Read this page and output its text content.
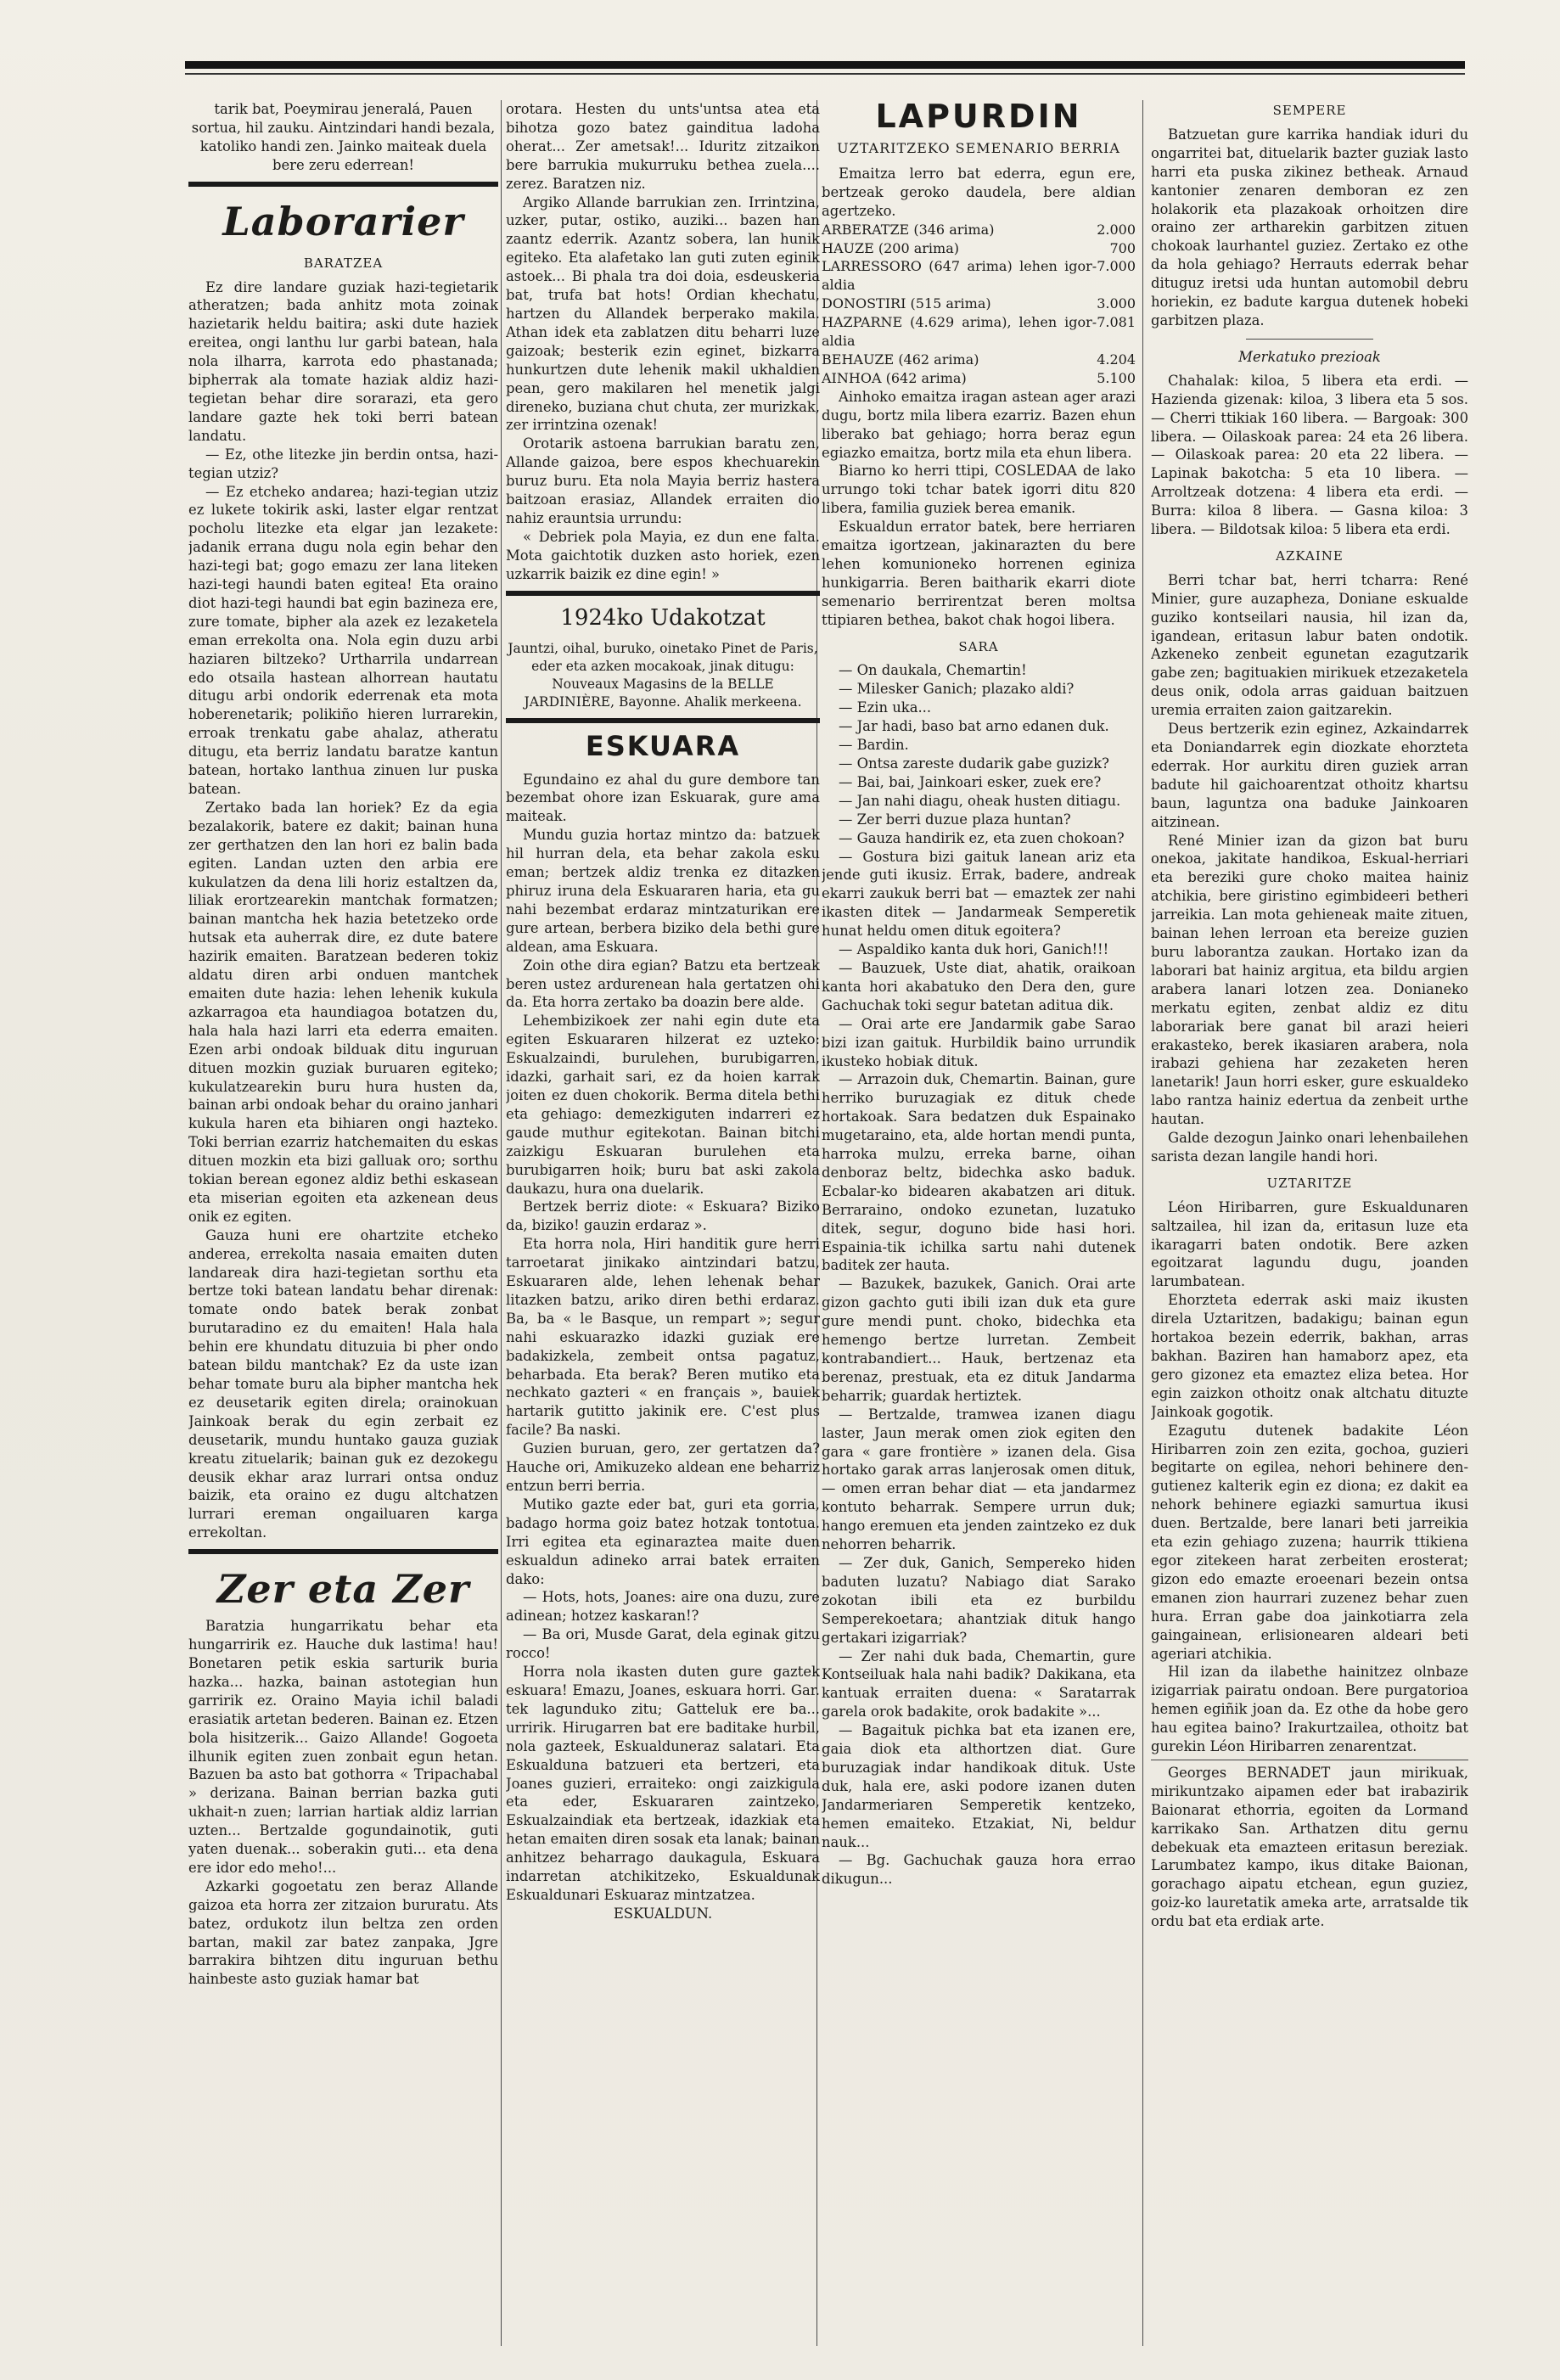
tarik bat, Poeymirau jeneralá, Pauen sortua, hil zauku. Aintzindari handi bezala, katoliko handi zen. Jainko maiteak duela bere zeru ederrean!

Laborarier
BARATZEA

Ez dire landare guziak hazi-tegietarik atheratzen; bada anhitz mota zoinak hazietarik heldu baitira; aski dute haziek ereitea, ongi lanthu lur garbi batean, hala nola ilharra, karrota edo phastanada; bipherrak ala tomate haziak aldiz hazi-tegietan behar dire sorarazi, eta gero landare gazte hek toki berri batean landatu.

— Ez, othe litezke jin berdin ontsa, hazi-tegian utziz?

— Ez etcheko andarea; hazi-tegian utziz ez lukete tokirik aski, laster elgar rentzat pocholu litezke eta elgar jan lezakete: jadanik errana dugu nola egin behar den hazi-tegi bat; gogo emazu zer lana liteken hazi-tegi haundi baten egitea! Eta oraino diot hazi-tegi haundi bat egin bazineza ere, zure tomate, bipher ala azek ez lezaketela eman errekolta ona. Nola egin duzu arbi haziaren biltzeko? Urtharrila undarrean edo otsaila hastean alhorrean hautatu ditugu arbi ondorik ederrenak eta mota hoberenetarik; polikiño hieren lurrarekin, erroak trenkatu gabe ahalaz, atheratu ditugu, eta berriz landatu baratze kantun batean, hortako lanthua zinuen lur puska batean.

Zertako bada lan horiek? Ez da egia bezalakorik, batere ez dakit; bainan huna zer gerthatzen den lan hori ez balin bada egiten. Landan uzten den arbia ere kukulatzen da dena lili horiz estaltzen da, liliak erortzearekin mantchak formatzen; bainan mantcha hek hazia betetzeko orde hutsak eta auherrak dire, ez dute batere hazirik emaiten. Baratzean bederen tokiz aldatu diren arbi onduen mantchek emaiten dute hazia: lehen lehenik kukula azkarragoa eta haundiagoa botatzen du, hala hala hazi larri eta ederra emaiten. Ezen arbi ondoak bilduak ditu inguruan dituen mozkin guziak buruaren egiteko; kukulatzearekin buru hura husten da, bainan arbi ondoak behar du oraino janhari kukula haren eta bihiaren ongi hazteko. Toki berrian ezarriz hatchemaiten du eskas dituen mozkin eta bizi galluak oro; sorthu tokian berean egonez aldiz bethi eskasean eta miserian egoiten eta azkenean deus onik ez egiten.

Gauza huni ere ohartzite etcheko anderea, errekolta nasaia emaiten duten landareak dira hazi-tegietan sorthu eta bertze toki batean landatu behar direnak: tomate ondo batek berak zonbat burutaradino ez du emaiten! Hala hala behin ere khundatu dituzuia bi pher ondo batean bildu mantchak? Ez da uste izan behar tomate buru ala bipher mantcha hek ez deusetarik egiten direla; orainokuan Jainkoak berak du egin zerbait ez deusetarik, mundu huntako gauza guziak kreatu zituelarik; bainan guk ez dezokegu deusik ekhar araz lurrari ontsa onduz baizik, eta oraino ez dugu altchatzen lurrari ereman ongailuaren karga errekoltan.

Zer eta Zer

Baratzia hungarrikatu behar eta hungarririk ez. Hauche duk lastima! hau! Bonetaren petik eskia sarturik buria hazka... hazka, bainan astotegian hun garririk ez. Oraino Mayia ichil baladi erasiatik artetan bederen. Bainan ez. Etzen bola hisitzerik... Gaizo Allande! Gogoeta ilhunik egiten zuen zonbait egun hetan. Bazuen ba asto bat gothorra « Tripachabal » derizana. Bainan berrian bazka guti ukhait-n zuen; larrian hartiak aldiz larrian uzten... Bertzalde gogundainotik, guti yaten duenak... soberakin guti... eta dena ere idor edo meho!...

Azkarki gogoetatu zen beraz Allande gaizoa eta horra zer zitzaion bururatu. Ats batez, ordukotz ilun beltza zen orden bartan, makil zar batez zanpaka, Jgre barrakira bihtzen ditu inguruan bethu hainbeste asto guziak hamar bat

orotara. Hesten du unts'untsa atea eta bihotza gozo batez gainditua ladoha oherat... Zer ametsak!... Iduritz zitzaikon bere barrukia mukurruku bethea zuela.... zerez. Baratzen niz.

Argiko Allande barrukian zen. Irrintzina, uzker, putar, ostiko, auziki... bazen han zaantz ederrik. Azantz sobera, lan hunik egiteko. Eta alafetako lan guti zuten eginik astoek... Bi phala tra doi doia, esdeuskeria bat, trufa bat hots! Ordian khechatu, hartzen du Allandek berperako makila. Athan idek eta zablatzen ditu beharri luze gaizoak; besterik ezin eginet, bizkarra hunkurtzen dute lehenik makil ukhaldien pean, gero makilaren hel menetik jalgi direneko, buziana chut chuta, zer murizkak, zer irrintzina ozenak!

Orotarik astoena barrukian baratu zen, Allande gaizoa, bere espos khechuarekin buruz buru. Eta nola Mayia berriz hastera baitzoan erasiaz, Allandek erraiten dio nahiz erauntsia urrundu:

« Debriek pola Mayia, ez dun ene falta. Mota gaichtotik duzken asto horiek, ezen uzkarrik baizik ez dine egin! »

1924ko Udakotzat

Jauntzi, oihal, buruko, oinetako Pinet de Paris, eder eta azken mocakoak, jinak ditugu: Nouveaux Magasins de la BELLE JARDINIÈRE, Bayonne. Ahalik merkeena.

ESKUARA

Egundaino ez ahal du gure dembore tan bezembat ohore izan Eskuarak, gure ama maiteak.

Mundu guzia hortaz mintzo da: batzuek hil hurran dela, eta behar zakola esku eman; bertzek aldiz trenka ez ditazken phiruz iruna dela Eskuararen haria, eta gu nahi bezembat erdaraz mintzaturikan ere gure artean, berbera biziko dela bethi gure aldean, ama Eskuara.

Zoin othe dira egian? Batzu eta bertzeak beren ustez ardurenean hala gertatzen ohi da. Eta horra zertako ba doazin bere alde.

Lehembizikoek zer nahi egin dute eta egiten Eskuararen hilzerat ez uzteko: Eskualzaindi, burulehen, burubigarren, idazki, garhait sari, ez da hoien karrak joiten ez duen chokorik. Berma ditela bethi eta gehiago: demezkiguten indarreri ez gaude muthur egitekotan. Bainan bitchi zaizkigu Eskuaran burulehen eta burubigarren hoik; buru bat aski zakola daukazu, hura ona duelarik.

Bertzek berriz diote: « Eskuara? Biziko da, biziko! gauzin erdaraz ».

Eta horra nola, Hiri handitik gure herri tarroetarat jinikako aintzindari batzu, Eskuararen alde, lehen lehenak behar litazken batzu, ariko diren bethi erdaraz. Ba, ba « le Basque, un rempart »; segur nahi eskuarazko idazki guziak ere badakizkela, zembeit ontsa pagatuz, beharbada. Eta berak? Beren mutiko eta nechkato gazteri « en français », bauiek hartarik gutitto jakinik ere. C'est plus facile? Ba naski.

Guzien buruan, gero, zer gertatzen da? Hauche ori, Amikuzeko aldean ene beharriz entzun berri berria.

Mutiko gazte eder bat, guri eta gorria, badago horma goiz batez hotzak tontotua. Irri egitea eta eginaraztea maite duen eskualdun adineko arrai batek erraiten dako:

— Hots, hots, Joanes: aire ona duzu, zure adinean; hotzez kaskaran!?

— Ba ori, Musde Garat, dela eginak gitzu rocco!

Horra nola ikasten duten gure gaztek eskuara! Emazu, Joanes, eskuara horri. Gar. tek lagunduko zitu; Gatteluk ere ba... urririk. Hirugarren bat ere baditake hurbil, nola gazteek, Eskualduneraz salatari. Eta Eskualduna batzueri eta bertzeri, eta Joanes guzieri, erraiteko: ongi zaizkigula eta eder, Eskuararen zaintzeko, Eskualzaindiak eta bertzeak, idazkiak eta hetan emaiten diren sosak eta lanak; bainan anhitzez beharrago daukagula, Eskuara indarretan atchikitzeko, Eskualdunak Eskualdunari Eskuaraz mintzatzea.

ESKUALDUN.

LAPURDIN
UZTARITZEKO SEMENARIO BERRIA

Emaitza lerro bat ederra, egun ere, bertzeak geroko daudela, bere aldian agertzeko.

ARBERATZE (346 arima)	2.000
HAUZE (200 arima)	700
LARRESSORO (647 arima) lehen igor-aldia	7.000
DONOSTIRI (515 arima)	3.000
HAZPARNE (4.629 arima), lehen igor-aldia	7.081
BEHAUZE (462 arima)	4.204
AINHOA (642 arima)	5.100

Ainhoko emaitza iragan astean ager arazi dugu, bortz mila libera ezarriz. Bazen ehun liberako bat gehiago; horra beraz egun egiazko emaitza, bortz mila eta ehun libera.

Biarno ko herri ttipi, COSLEDAA de lako urrungo toki tchar batek igorri ditu 820 libera, familia guziek berea emanik.

Eskualdun errator batek, bere herriaren emaitza igortzean, jakinarazten du bere lehen komunioneko horrenen eginiza hunkigarria. Beren baitharik ekarri diote semenario berrirentzat beren moltsa ttipiaren bethea, bakot chak hogoi libera.

SARA

— On daukala, Chemartin!

— Milesker Ganich; plazako aldi?

— Ezin uka...

— Jar hadi, baso bat arno edanen duk.

— Bardin.

— Ontsa zareste dudarik gabe guzizk?

— Bai, bai, Jainkoari esker, zuek ere?

— Jan nahi diagu, oheak husten ditiagu.

— Zer berri duzue plaza huntan?

— Gauza handirik ez, eta zuen chokoan?

— Gostura bizi gaituk lanean ariz eta jende guti ikusiz. Errak, badere, andreak ekarri zaukuk berri bat — emaztek zer nahi ikasten ditek — Jandarmeak Semperetik hunat heldu omen dituk egoitera?

— Aspaldiko kanta duk hori, Ganich!!!

— Bauzuek, Uste diat, ahatik, oraikoan kanta hori akabatuko den Dera den, gure Gachuchak toki segur batetan aditua dik.

— Orai arte ere Jandarmik gabe Sarao bizi izan gaituk. Hurbildik baino urrundik ikusteko hobiak dituk.

— Arrazoin duk, Chemartin. Bainan, gure herriko buruzagiak ez dituk chede hortakoak. Sara bedatzen duk Espainako mugetaraino, eta, alde hortan mendi punta, harroka mulzu, erreka barne, oihan denboraz beltz, bidechka asko baduk. Ecbalar-ko bidearen akabatzen ari dituk. Berraraino, ondoko ezunetan, luzatuko ditek, segur, doguno bide hasi hori. Espainia-tik ichilka sartu nahi dutenek baditek zer hauta.

— Bazukek, bazukek, Ganich. Orai arte gizon gachto guti ibili izan duk eta gure gure mendi punt. choko, bidechka eta hemengo bertze lurretan. Zembeit kontrabandiert... Hauk, bertzenaz eta berenaz, prestuak, eta ez dituk Jandarma beharrik; guardak hertiztek.

— Bertzalde, tramwea izanen diagu laster, Jaun merak omen ziok egiten den gara « gare frontière » izanen dela. Gisa hortako garak arras lanjerosak omen dituk, — omen erran behar diat — eta jandarmez kontuto beharrak. Sempere urrun duk; hango eremuen eta jenden zaintzeko ez duk nehorren beharrik.

— Zer duk, Ganich, Sempereko hiden baduten luzatu? Nabiago diat Sarako zokotan ibili eta ez burbildu Semperekoetara; ahantziak dituk hango gertakari izigarriak?

— Zer nahi duk bada, Chemartin, gure Kontseiluak hala nahi badik? Dakikana, eta kantuak erraiten duena: « Saratarrak garela orok badakite, orok badakite »...

— Bagaituk pichka bat eta izanen ere, gaia diok eta althortzen diat. Gure buruzagiak indar handikoak dituk. Uste duk, hala ere, aski podore izanen duten Jandarmeriaren Semperetik kentzeko, hemen emaiteko. Etzakiat, Ni, beldur nauk...

— Bg. Gachuchak gauza hora errao dikugun...

SEMPERE

Batzuetan gure karrika handiak iduri du ongarritei bat, dituelarik bazter guziak lasto harri eta puska zikinez betheak. Arnaud kantonier zenaren demboran ez zen holakorik eta plazakoak orhoitzen dire oraino zer artharekin garbitzen zituen chokoak laurhantel guziez. Zertako ez othe da hola gehiago? Herrauts ederrak behar dituguz iretsi uda huntan automobil debru horiekin, ez badute kargua dutenek hobeki garbitzen plaza.

Merkatuko prezioak

Chahalak: kiloa, 5 libera eta erdi. — Hazienda gizenak: kiloa, 3 libera eta 5 sos. — Cherri ttikiak 160 libera. — Bargoak: 300 libera. — Oilaskoak parea: 24 eta 26 libera. — Oilaskoak parea: 20 eta 22 libera. — Lapinak bakotcha: 5 eta 10 libera. — Arroltzeak dotzena: 4 libera eta erdi. — Burra: kiloa 8 libera. — Gasna kiloa: 3 libera. — Bildotsak kiloa: 5 libera eta erdi.

AZKAINE

Berri tchar bat, herri tcharra: René Minier, gure auzapheza, Doniane eskualde guziko kontseilari nausia, hil izan da, igandean, eritasun labur baten ondotik. Azkeneko zenbeit egunetan ezagutzarik gabe zen; bagituakien mirikuek etzezaketela deus onik, odola arras gaiduan baitzuen uremia erraiten zaion gaitzarekin.

Deus bertzerik ezin eginez, Azkaindarrek eta Doniandarrek egin diozkate ehorzteta ederrak. Hor aurkitu diren guziek arran badute hil gaichoarentzat othoitz khartsu baun, laguntza ona baduke Jainkoaren aitzinean.

René Minier izan da gizon bat buru onekoa, jakitate handikoa, Eskual-herriari eta bereziki gure choko maitea hainiz atchikia, bere giristino egimbideeri betheri jarreikia. Lan mota gehieneak maite zituen, bainan lehen lerroan eta bereize guzien buru laborantza zaukan. Hortako izan da laborari bat hainiz argitua, eta bildu argien arabera lanari lotzen zea. Donianeko merkatu egiten, zenbat aldiz ez ditu laborariak bere ganat bil arazi heieri erakasteko, berek ikasiaren arabera, nola irabazi gehiena har zezaketen heren lanetarik! Jaun horri esker, gure eskualdeko labo rantza hainiz edertua da zenbeit urthe hautan.

Galde dezogun Jainko onari lehenbailehen sarista dezan langile handi hori.

UZTARITZE

Léon Hiribarren, gure Eskualdunaren saltzailea, hil izan da, eritasun luze eta ikaragarri baten ondotik. Bere azken egoitzarat lagundu dugu, joanden larumbatean.

Ehorzteta ederrak aski maiz ikusten direla Uztaritzen, badakigu; bainan egun hortakoa bezein ederrik, bakhan, arras bakhan. Baziren han hamaborz apez, eta gero gizonez eta emaztez eliza betea. Hor egin zaizkon othoitz onak altchatu dituzte Jainkoak gogotik.

Ezagutu dutenek badakite Léon Hiribarren zoin zen ezita, gochoa, guzieri begitarte on egilea, nehori behinere den-gutienez kalterik egin ez diona; ez dakit ea nehork behinere egiazki samurtua ikusi duen. Bertzalde, bere lanari beti jarreikia eta ezin gehiago zuzena; haurrik ttikiena egor zitekeen harat zerbeiten erosterat; gizon edo emazte eroeenari bezein ontsa emanen zion haurrari zuzenez behar zuen hura. Erran gabe doa jainkotiarra zela gaingainean, erlisionearen aldeari beti ageriari atchikia.

Hil izan da ilabethe hainitzez olnbaze izigarriak pairatu ondoan. Bere purgatorioa hemen egiñik joan da. Ez othe da hobe gero hau egitea baino? Irakurtzailea, othoitz bat gurekin Léon Hiribarren zenarentzat.

Georges BERNADET jaun mirikuak, mirikuntzako aipamen eder bat irabazirik Baionarat ethorria, egoiten da Lormand karrikako San. Arthatzen ditu gernu debekuak eta emazteen eritasun bereziak. Larumbatez kampo, ikus ditake Baionan, gorachago aipatu etchean, egun guziez, goiz-ko lauretatik ameka arte, arratsalde tik ordu bat eta erdiak arte.
